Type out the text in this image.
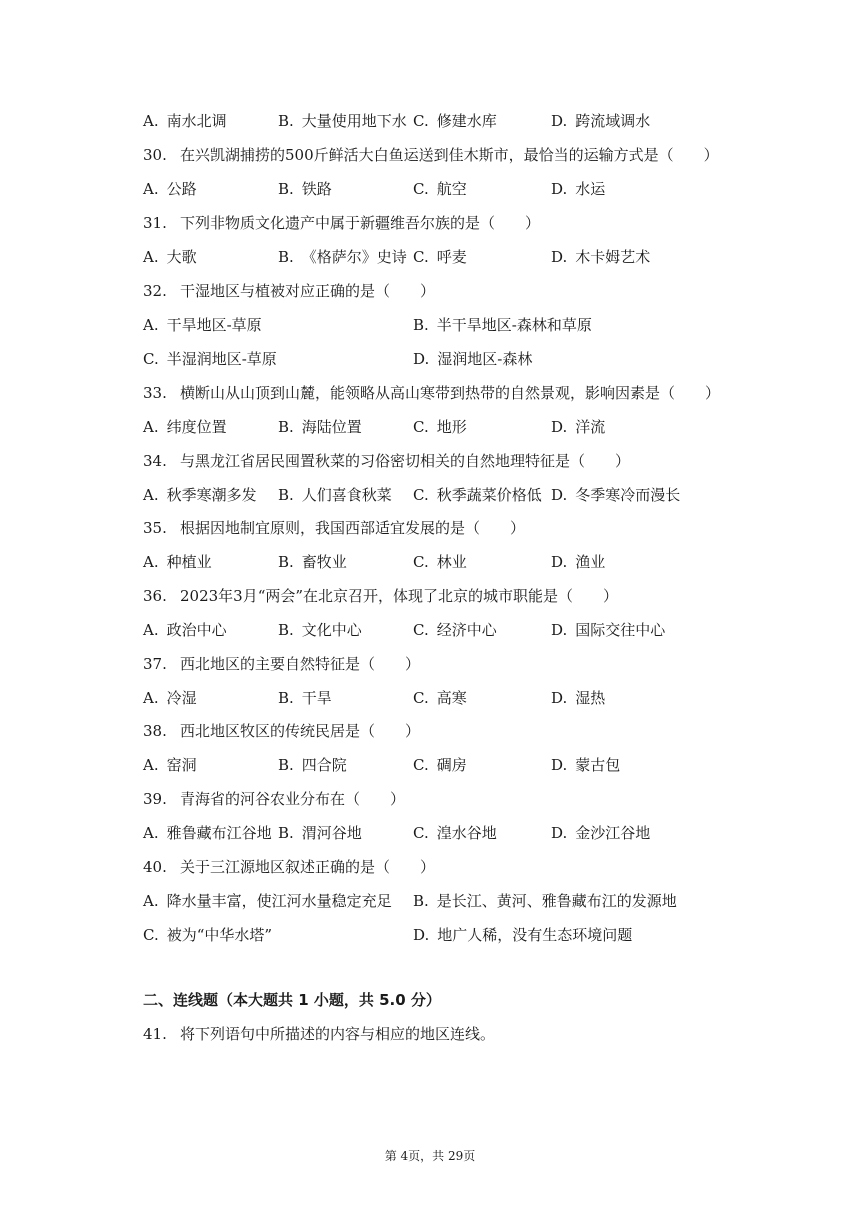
A. 南水北调	B. 大量使用地下水 C. 修建水库	D. 跨流域调水
30. 在兴凯湖捕捞的500斤鲜活大白鱼运送到佳木斯市，最恰当的运输方式是（　　）
A. 公路	B. 铁路	C. 航空	D. 水运
31. 下列非物质文化遗产中属于新疆维吾尔族的是（　　）
A. 大歌	B. 《格萨尔》史诗 C. 呼麦	D. 木卡姆艺术
32. 干湿地区与植被对应正确的是（　　）
A. 干旱地区-草原	B. 半干旱地区-森林和草原
C. 半湿润地区-草原	D. 湿润地区-森林
33. 横断山从山顶到山麓，能领略从高山寒带到热带的自然景观，影响因素是（　　）
A. 纬度位置	B. 海陆位置	C. 地形	D. 洋流
34. 与黑龙江省居民囤置秋菜的习俗密切相关的自然地理特征是（　　）
A. 秋季寒潮多发 B. 人们喜食秋菜 C. 秋季蔬菜价格低 D. 冬季寒冷而漫长
35. 根据因地制宜原则，我国西部适宜发展的是（　　）
A. 种植业	B. 畜牧业	C. 林业	D. 渔业
36. 2023年3月“两会”在北京召开，体现了北京的城市职能是（　　）
A. 政治中心	B. 文化中心	C. 经济中心	D. 国际交往中心
37. 西北地区的主要自然特征是（　　）
A. 冷湿	B. 干旱	C. 高寒	D. 湿热
38. 西北地区牧区的传统民居是（　　）
A. 窑洞	B. 四合院	C. 碉房	D. 蒙古包
39. 青海省的河谷农业分布在（　　）
A. 雅鲁藏布江谷地 B. 渭河谷地	C. 湟水谷地	D. 金沙江谷地
40. 关于三江源地区叙述正确的是（　　）
A. 降水量丰富，使江河水量稳定充足 B. 是长江、黄河、雅鲁藏布江的发源地
C. 被为“中华水塔”	D. 地广人稀，没有生态环境问题
二、连线题（本大题共 1 小题，共 5.0 分）
41. 将下列语句中所描述的内容与相应的地区连线。
第 4页，共 29页
